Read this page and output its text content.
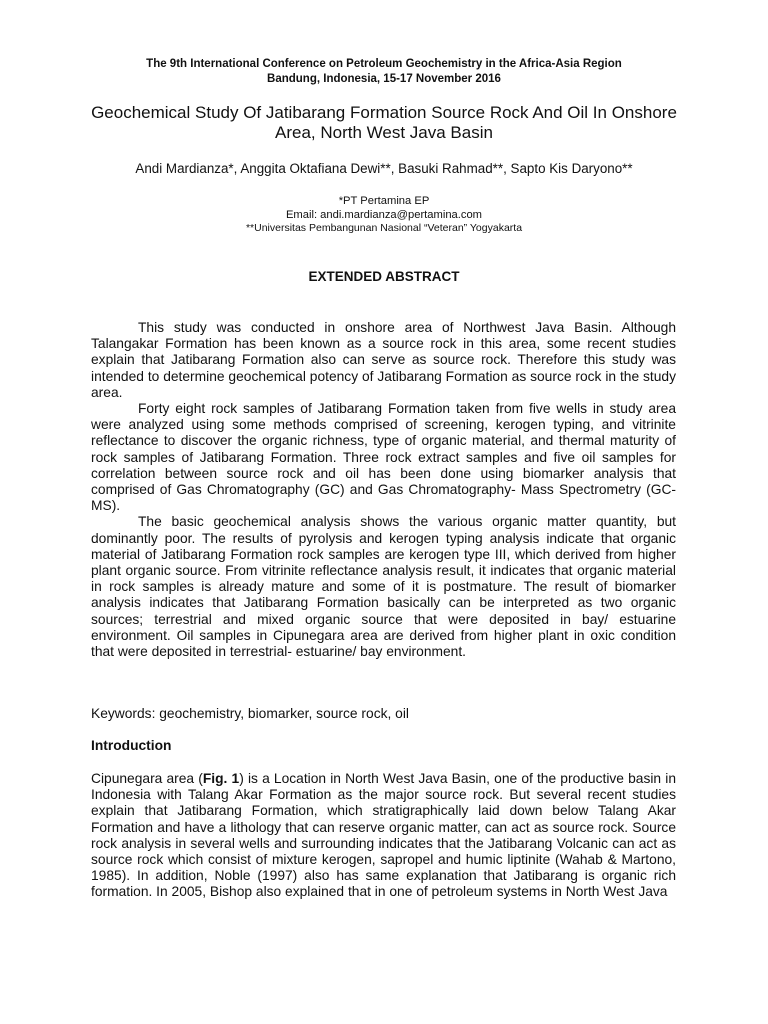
The 9th International Conference on Petroleum Geochemistry in the Africa-Asia Region
Bandung, Indonesia, 15-17 November 2016
Geochemical Study Of Jatibarang Formation Source Rock And Oil In Onshore Area, North West Java Basin
Andi Mardianza*, Anggita Oktafiana Dewi**, Basuki Rahmad**, Sapto Kis Daryono**
*PT Pertamina EP
Email: andi.mardianza@pertamina.com
**Universitas Pembangunan Nasional “Veteran” Yogyakarta
EXTENDED ABSTRACT

This study was conducted in onshore area of Northwest Java Basin. Although Talangakar Formation has been known as a source rock in this area, some recent studies explain that Jatibarang Formation also can serve as source rock. Therefore this study was intended to determine geochemical potency of Jatibarang Formation as source rock in the study area.

Forty eight rock samples of Jatibarang Formation taken from five wells in study area were analyzed using some methods comprised of screening, kerogen typing, and vitrinite reflectance to discover the organic richness, type of organic material, and thermal maturity of rock samples of Jatibarang Formation. Three rock extract samples and five oil samples for correlation between source rock and oil has been done using biomarker analysis that comprised of Gas Chromatography (GC) and Gas Chromatography- Mass Spectrometry (GC-MS).

The basic geochemical analysis shows the various organic matter quantity, but dominantly poor. The results of pyrolysis and kerogen typing analysis indicate that organic material of Jatibarang Formation rock samples are kerogen type III, which derived from higher plant organic source. From vitrinite reflectance analysis result, it indicates that organic material in rock samples is already mature and some of it is postmature. The result of biomarker analysis indicates that Jatibarang Formation basically can be interpreted as two organic sources; terrestrial and mixed organic source that were deposited in bay/ estuarine environment. Oil samples in Cipunegara area are derived from higher plant in oxic condition that were deposited in terrestrial- estuarine/ bay environment.

Keywords: geochemistry, biomarker, source rock, oil
Introduction

Cipunegara area (Fig. 1) is a Location in North West Java Basin, one of the productive basin in Indonesia with Talang Akar Formation as the major source rock. But several recent studies explain that Jatibarang Formation, which stratigraphically laid down below Talang Akar Formation and have a lithology that can reserve organic matter, can act as source rock. Source rock analysis in several wells and surrounding indicates that the Jatibarang Volcanic can act as source rock which consist of mixture kerogen, sapropel and humic liptinite (Wahab & Martono, 1985). In addition, Noble (1997) also has same explanation that Jatibarang is organic rich formation. In 2005, Bishop also explained that in one of petroleum systems in North West Java
